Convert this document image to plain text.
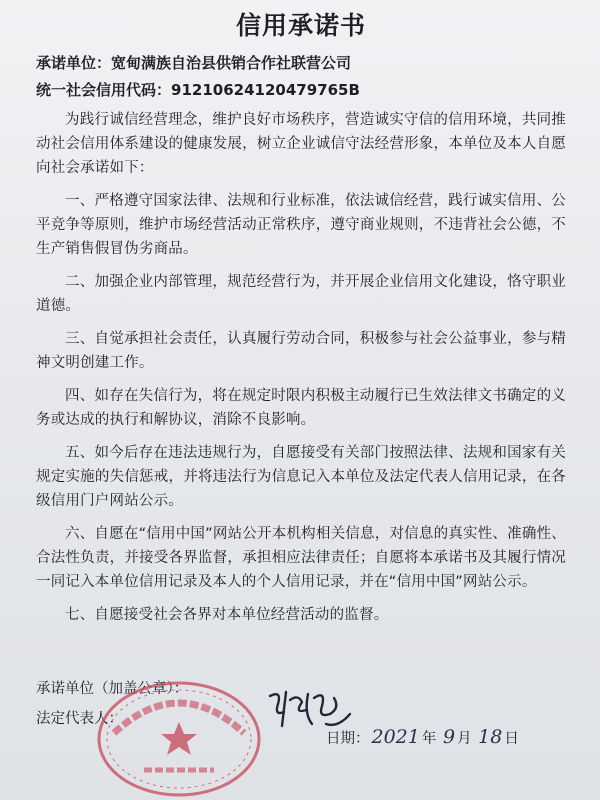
信用承诺书
承诺单位：宽甸满族自治县供销合作社联营公司
统一社会信用代码：91210624120479765B

为践行诚信经营理念，维护良好市场秩序，营造诚实守信的信用环境，共同推动社会信用体系建设的健康发展，树立企业诚信守法经营形象，本单位及本人自愿向社会承诺如下：

一、严格遵守国家法律、法规和行业标准，依法诚信经营，践行诚实信用、公平竞争等原则，维护市场经营活动正常秩序，遵守商业规则，不违背社会公德，不生产销售假冒伪劣商品。

二、加强企业内部管理，规范经营行为，并开展企业信用文化建设，恪守职业道德。

三、自觉承担社会责任，认真履行劳动合同，积极参与社会公益事业，参与精神文明创建工作。

四、如存在失信行为，将在规定时限内积极主动履行已生效法律文书确定的义务或达成的执行和解协议，消除不良影响。

五、如今后存在违法违规行为，自愿接受有关部门按照法律、法规和国家有关规定实施的失信惩戒，并将违法行为信息记入本单位及法定代表人信用记录，在各级信用门户网站公示。

六、自愿在“信用中国”网站公开本机构相关信息，对信息的真实性、准确性、合法性负责，并接受各界监督，承担相应法律责任；自愿将本承诺书及其履行情况一同记入本单位信用记录及本人的个人信用记录，并在“信用中国”网站公示。

七、自愿接受社会各界对本单位经营活动的监督。

承诺单位（加盖公章）：
法定代表人：
日期： 2021 年 9 月 18 日
